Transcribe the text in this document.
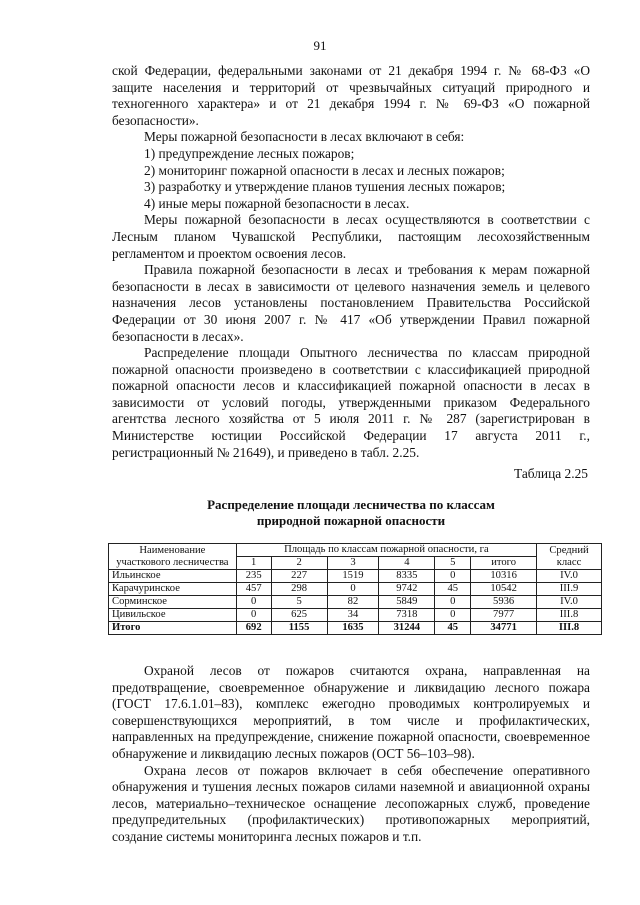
91

ской Федерации, федеральными законами от 21 декабря 1994 г. № 68-ФЗ «О защите населения и территорий от чрезвычайных ситуаций природного и техногенного характера» и от 21 декабря 1994 г. № 69-ФЗ «О пожарной безопасности».

Меры пожарной безопасности в лесах включают в себя:

1) предупреждение лесных пожаров;
2) мониторинг пожарной опасности в лесах и лесных пожаров;
3) разработку и утверждение планов тушения лесных пожаров;
4) иные меры пожарной безопасности в лесах.

Меры пожарной безопасности в лесах осуществляются в соответствии с Лесным планом Чувашской Республики, пастоящим лесохозяйственным регламентом и проектом освоения лесов.

Правила пожарной безопасности в лесах и требования к мерам пожарной безопасности в лесах в зависимости от целевого назначения земель и целевого назначения лесов установлены постановлением Правительства Российской Федерации от 30 июня 2007 г. № 417 «Об утверждении Правил пожарной безопасности в лесах».

Распределение площади Опытного лесничества по классам природной пожарной опасности произведено в соответствии с классификацией природной пожарной опасности лесов и классификацией пожарной опасности в лесах в зависимости от условий погоды, утвержденными приказом Федерального агентства лесного хозяйства от 5 июля 2011 г. № 287 (зарегистрирован в Министерстве юстиции Российской Федерации 17 августа 2011 г., регистрационный № 21649), и приведено в табл. 2.25.

Таблица 2.25
Распределение площади лесничества по классам
природной пожарной опасности
Наименование участкового лесничества	Площадь по классам пожарной опасности, га						Средний класс
	1	2	3	4	5	итого	
Ильинское	235	227	1519	8335	0	10316	IV.0
Карачуринское	457	298	0	9742	45	10542	III.9
Сорминское	0	5	82	5849	0	5936	IV.0
Цивильское	0	625	34	7318	0	7977	III.8
Итого	692	1155	1635	31244	45	34771	III.8

Охраной лесов от пожаров считаются охрана, направленная на предотвращение, своевременное обнаружение и ликвидацию лесного пожара (ГОСТ 17.6.1.01–83), комплекс ежегодно проводимых контролируемых и совершенствующихся мероприятий, в том числе и профилактических, направленных на предупреждение, снижение пожарной опасности, своевременное обнаружение и ликвидацию лесных пожаров (ОСТ 56–103–98).

Охрана лесов от пожаров включает в себя обеспечение оперативного обнаружения и тушения лесных пожаров силами наземной и авиационной охраны лесов, материально–техническое оснащение лесопожарных служб, проведение предупредительных (профилактических) противопожарных мероприятий, создание системы мониторинга лесных пожаров и т.п.
